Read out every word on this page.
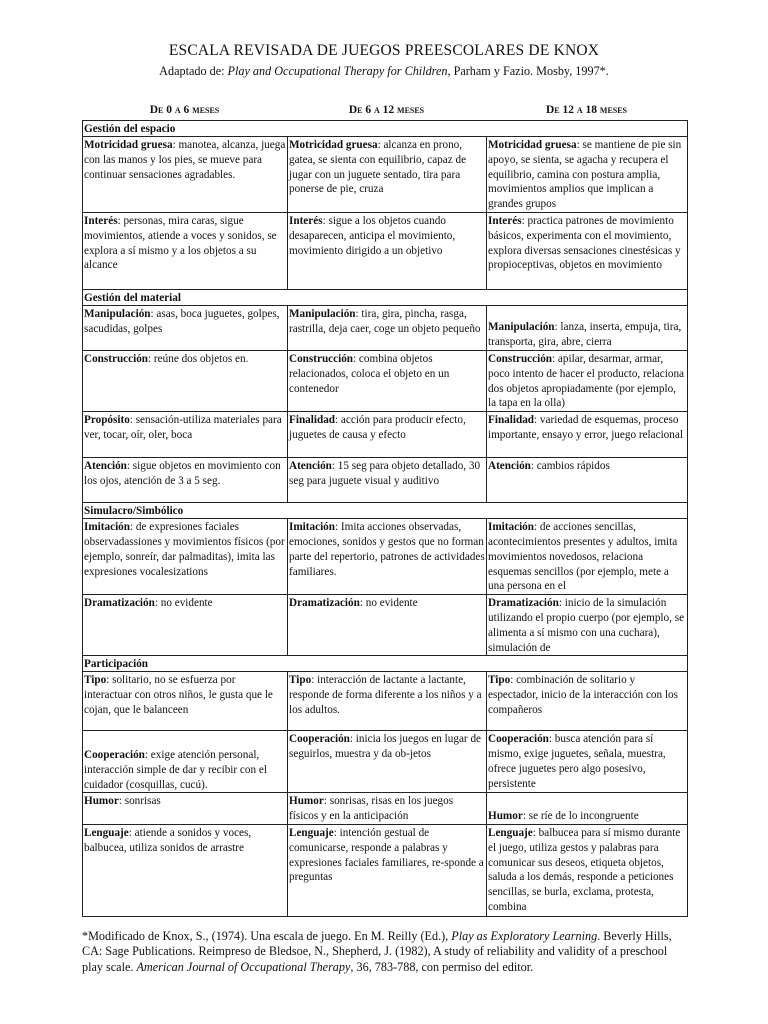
ESCALA REVISADA DE JUEGOS PREESCOLARES DE KNOX
Adaptado de: Play and Occupational Therapy for Children, Parham y Fazio. Mosby, 1997*.
De 0 a 6 meses	De 6 a 12 meses	De 12 a 18 meses
Gestión del espacio		
Motricidad gruesa: manotea, alcanza, juega con las manos y los pies, se mueve para continuar sensaciones agradables.	Motricidad gruesa: alcanza en prono, gatea, se sienta con equilibrio, capaz de jugar con un juguete sentado, tira para ponerse de pie, cruza	Motricidad gruesa: se mantiene de pie sin apoyo, se sienta, se agacha y recupera el equilibrio, camina con postura amplia, movimientos amplios que implican a grandes grupos
Interés: personas, mira caras, sigue movimientos, atiende a voces y sonidos, se explora a sí mismo y a los objetos a su alcance	Interés: sigue a los objetos cuando desaparecen, anticipa el movimiento, movimiento dirigido a un objetivo	Interés: practica patrones de movimiento básicos, experimenta con el movimiento, explora diversas sensaciones cinestésicas y propioceptivas, objetos en movimiento
Gestión del material		
Manipulación: asas, boca juguetes, golpes, sacudidas, golpes	Manipulación: tira, gira, pincha, rasga, rastrilla, deja caer, coge un objeto pequeño	Manipulación: lanza, inserta, empuja, tira, transporta, gira, abre, cierra
Construcción: reúne dos objetos en.	Construcción: combina objetos relacionados, coloca el objeto en un contenedor	Construcción: apilar, desarmar, armar, poco intento de hacer el producto, relaciona dos objetos apropiadamente (por ejemplo, la tapa en la olla)
Propósito: sensación-utiliza materiales para ver, tocar, oír, oler, boca	Finalidad: acción para producir efecto, juguetes de causa y efecto	Finalidad: variedad de esquemas, proceso importante, ensayo y error, juego relacional
Atención: sigue objetos en movimiento con los ojos, atención de 3 a 5 seg.	Atención: 15 seg para objeto detallado, 30 seg para juguete visual y auditivo	Atención: cambios rápidos
Simulacro/Simbólico		
Imitación: de expresiones faciales observadassiones y movimientos físicos (por ejemplo, sonreír, dar palmaditas), imita las expresiones vocalesizations	Imitación: Imita acciones observadas, emociones, sonidos y gestos que no forman parte del repertorio, patrones de actividades familiares.	Imitación: de acciones sencillas, acontecimientos presentes y adultos, imita movimientos novedosos, relaciona esquemas sencillos (por ejemplo, mete a una persona en el
Dramatización: no evidente	Dramatización: no evidente	Dramatización: inicio de la simulación utilizando el propio cuerpo (por ejemplo, se alimenta a sí mismo con una cuchara), simulación de
Participación		
Tipo: solitario, no se esfuerza por interactuar con otros niños, le gusta que le cojan, que le balanceen	Tipo: interacción de lactante a lactante, responde de forma diferente a los niños y a los adultos.	Tipo: combinación de solitario y espectador, inicio de la interacción con los compañeros
Cooperación: exige atención personal, interacción simple de dar y recibir con el cuidador (cosquillas, cucú).	Cooperación: inicia los juegos en lugar de seguirlos, muestra y da ob-jetos	Cooperación: busca atención para sí mismo, exige juguetes, señala, muestra, ofrece juguetes pero algo posesivo, persistente
Humor: sonrisas	Humor: sonrisas, risas en los juegos físicos y en la anticipación	Humor: se ríe de lo incongruente
Lenguaje: atiende a sonidos y voces, balbucea, utiliza sonidos de arrastre	Lenguaje: intención gestual de comunicarse, responde a palabras y expresiones faciales familiares, re-sponde a preguntas	Lenguaje: balbucea para sí mismo durante el juego, utiliza gestos y palabras para comunicar sus deseos, etiqueta objetos, saluda a los demás, responde a peticiones sencillas, se burla, exclama, protesta, combina
*Modificado de Knox, S., (1974). Una escala de juego. En M. Reilly (Ed.), Play as Exploratory Learning. Beverly Hills, CA: Sage Publications. Reimpreso de Bledsoe, N., Shepherd, J. (1982), A study of reliability and validity of a preschool play scale. American Journal of Occupational Therapy, 36, 783-788, con permiso del editor.
